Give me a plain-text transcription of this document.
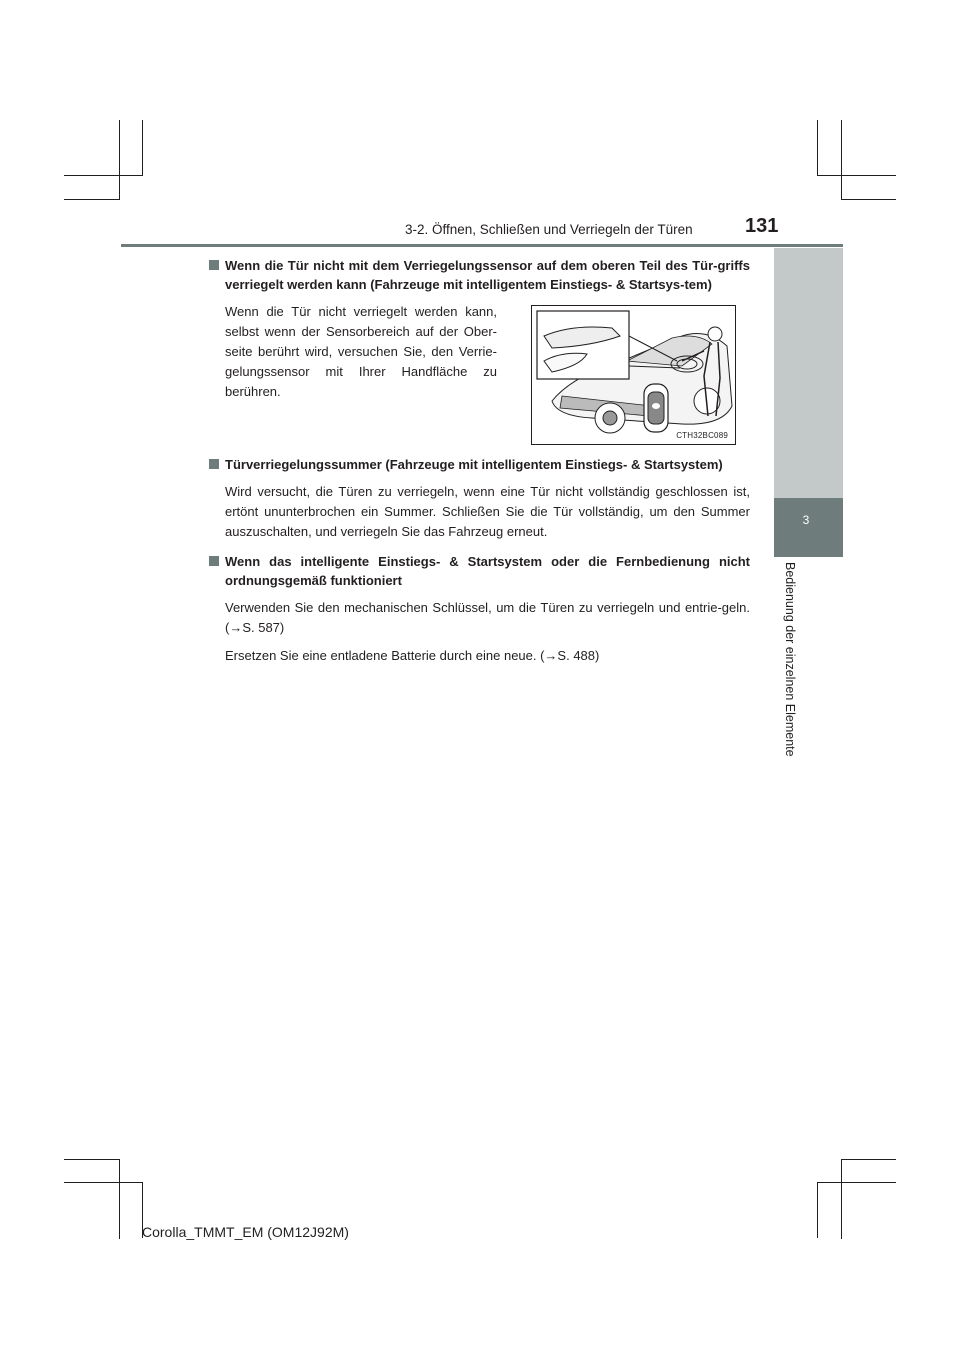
3-2. Öffnen, Schließen und Verriegeln der Türen	131
3
Bedienung der einzelnen Elemente
Wenn die Tür nicht mit dem Verriegelungssensor auf dem oberen Teil des Tür-griffs verriegelt werden kann (Fahrzeuge mit intelligentem Einstiegs- & Startsys-tem)
Wenn die Tür nicht verriegelt werden kann, selbst wenn der Sensorbereich auf der Ober-seite berührt wird, versuchen Sie, den Verrie-gelungssensor mit Ihrer Handfläche zu berühren.
CTH32BC089
Türverriegelungssummer (Fahrzeuge mit intelligentem Einstiegs- & Startsystem)
Wird versucht, die Türen zu verriegeln, wenn eine Tür nicht vollständig geschlossen ist, ertönt ununterbrochen ein Summer. Schließen Sie die Tür vollständig, um den Summer auszuschalten, und verriegeln Sie das Fahrzeug erneut.
Wenn das intelligente Einstiegs- & Startsystem oder die Fernbedienung nicht ordnungsgemäß funktioniert
Verwenden Sie den mechanischen Schlüssel, um die Türen zu verriegeln und entrie-geln. (→S. 587)
Ersetzen Sie eine entladene Batterie durch eine neue. (→S. 488)
Corolla_TMMT_EM (OM12J92M)
